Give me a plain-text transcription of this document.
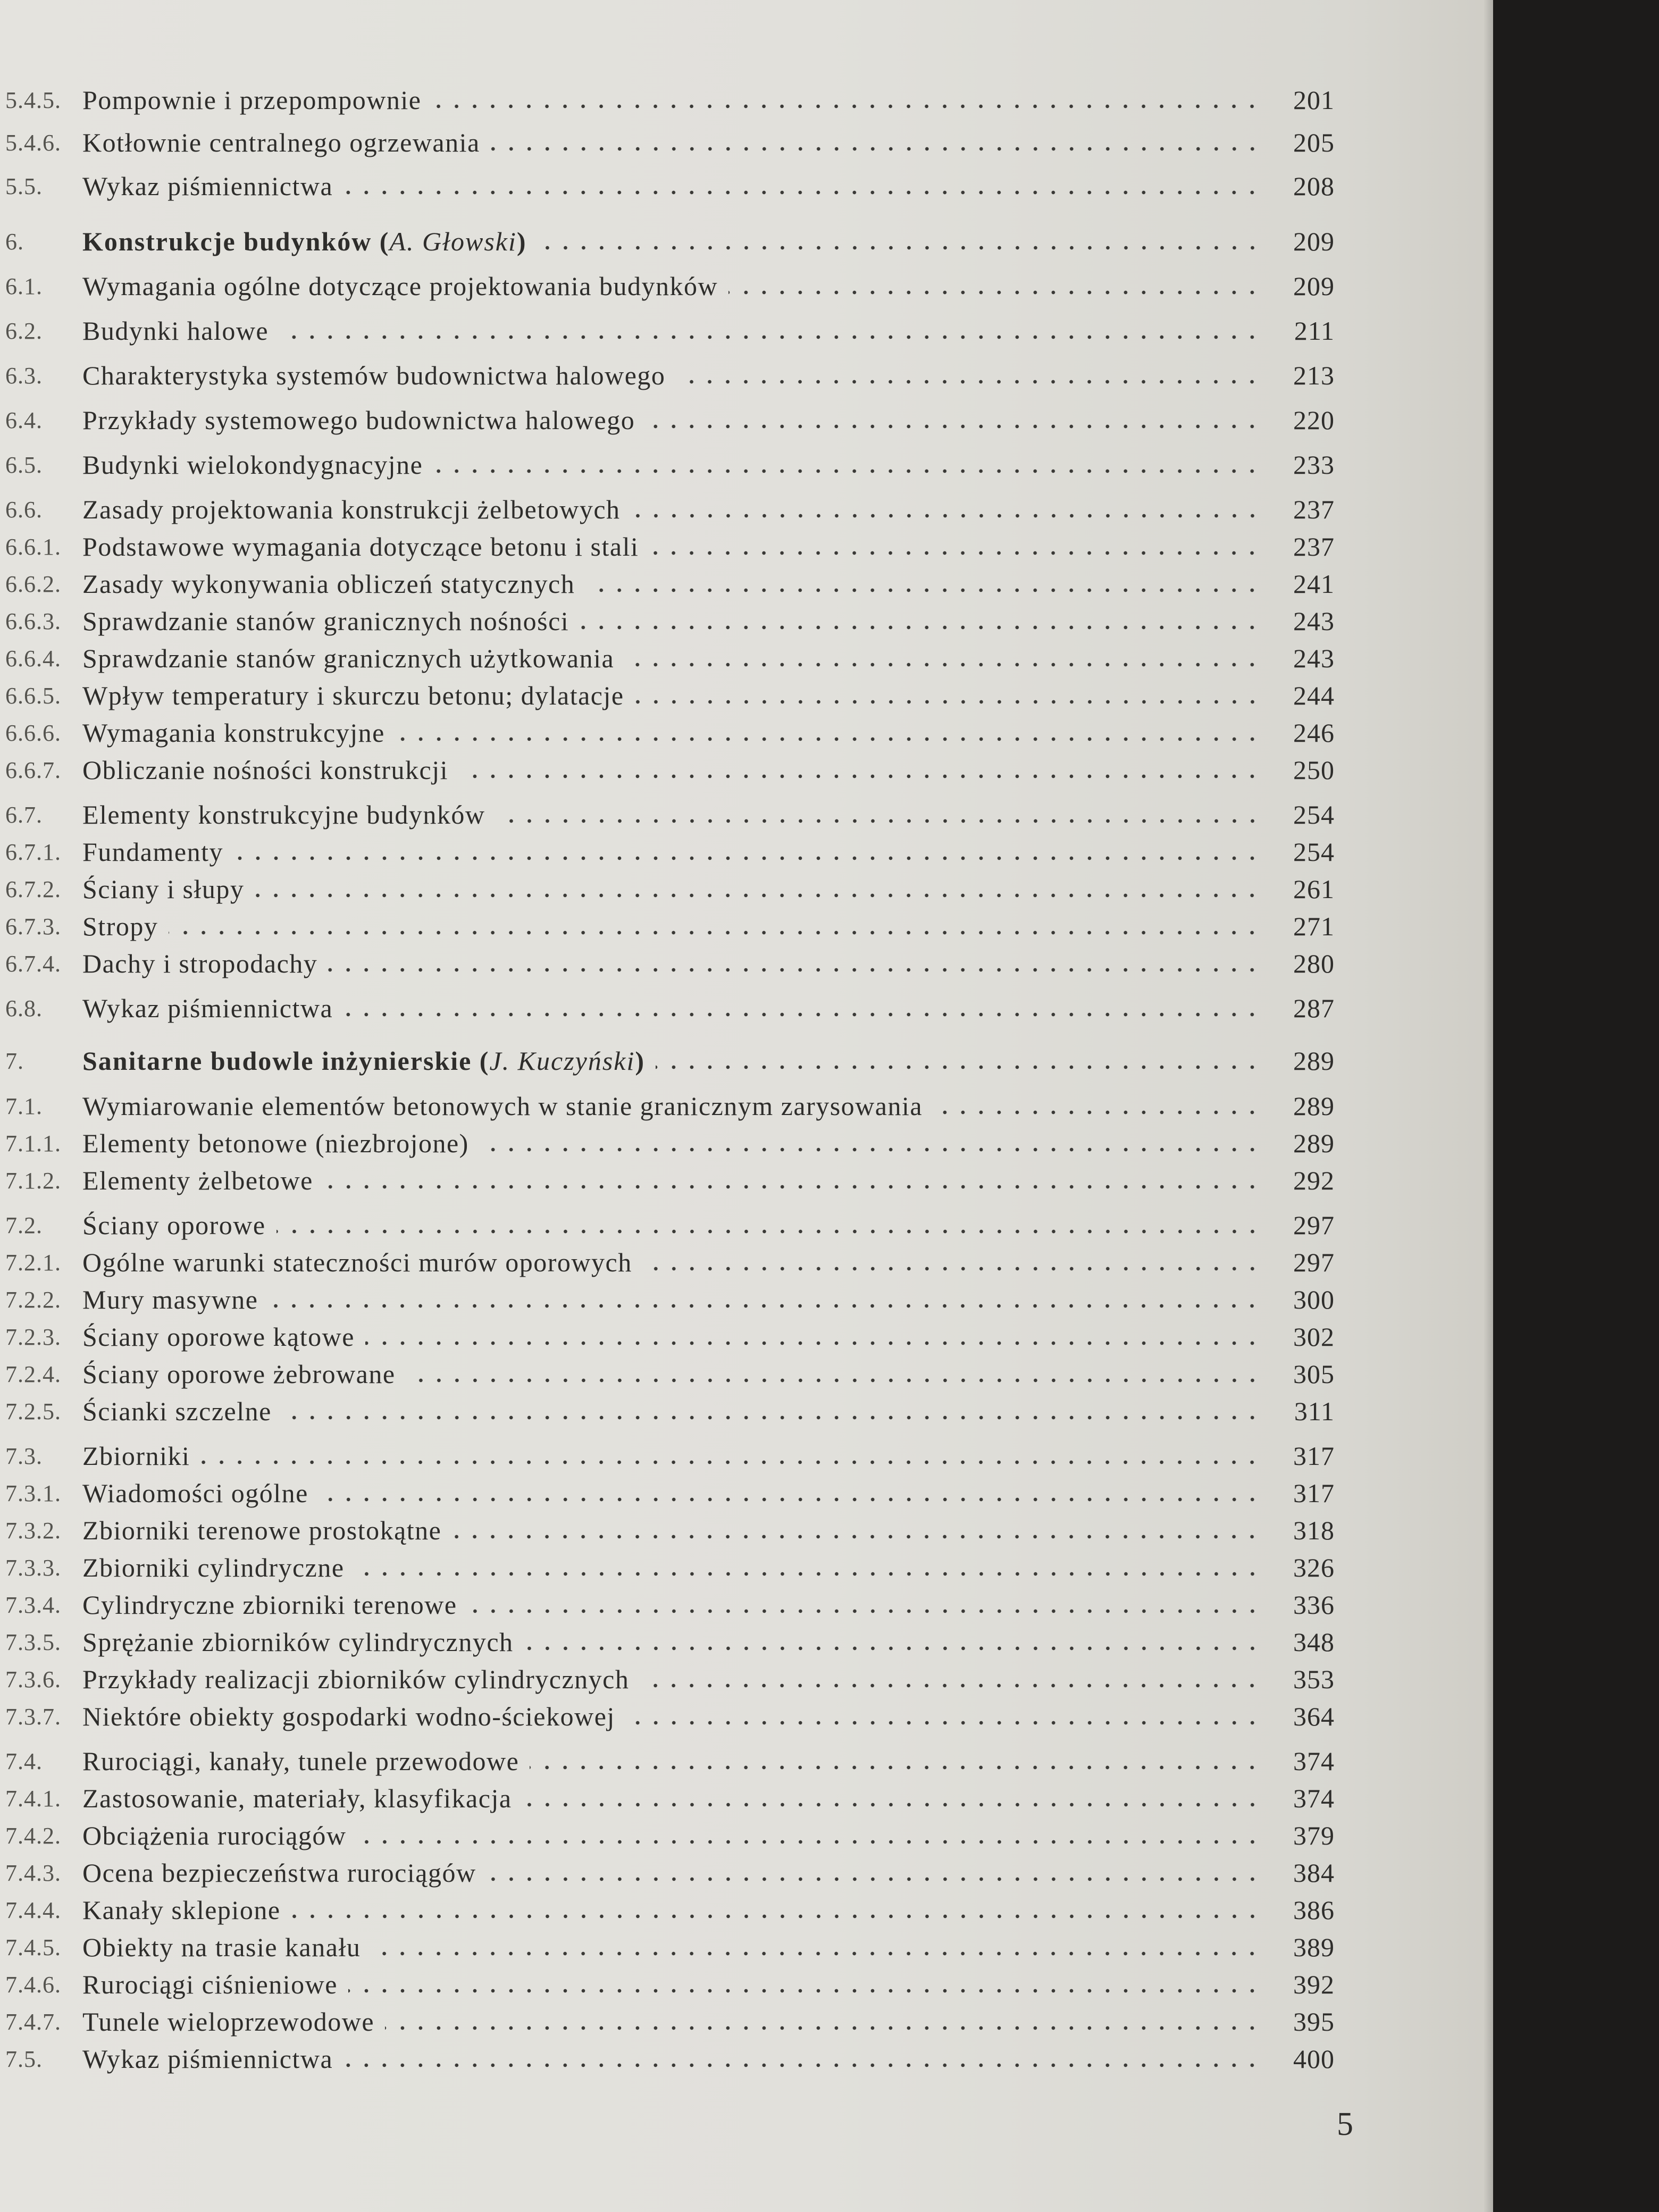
5.4.5. Pompownie i przepompownie	201
5.4.6. Kotłownie centralnego ogrzewania	205
5.5.	Wykaz piśmiennictwa	208
6.	Konstrukcje budynków (A. Głowski)	209
6.1.	Wymagania ogólne dotyczące projektowania budynków	209
6.2.	Budynki halowe	211
6.3.	Charakterystyka systemów budownictwa halowego	213
6.4.	Przykłady systemowego budownictwa halowego	220
6.5.	Budynki wielokondygnacyjne	233
6.6.	Zasady projektowania konstrukcji żelbetowych	237
6.6.1. Podstawowe wymagania dotyczące betonu i stali	237
6.6.2. Zasady wykonywania obliczeń statycznych	241
6.6.3. Sprawdzanie stanów granicznych nośności	243
6.6.4. Sprawdzanie stanów granicznych użytkowania	243
6.6.5. Wpływ temperatury i skurczu betonu; dylatacje	244
6.6.6. Wymagania konstrukcyjne	246
6.6.7. Obliczanie nośności konstrukcji	250
6.7.	Elementy konstrukcyjne budynków	254
6.7.1. Fundamenty	254
6.7.2. Ściany i słupy	261
6.7.3. Stropy	271
6.7.4. Dachy i stropodachy	280
6.8.	Wykaz piśmiennictwa	287
7.	Sanitarne budowle inżynierskie (J. Kuczyński)	289
7.1.	Wymiarowanie elementów betonowych w stanie granicznym zarysowania	289
7.1.1. Elementy betonowe (niezbrojone)	289
7.1.2. Elementy żelbetowe	292
7.2.	Ściany oporowe	297
7.2.1. Ogólne warunki stateczności murów oporowych	297
7.2.2. Mury masywne	300
7.2.3. Ściany oporowe kątowe	302
7.2.4. Ściany oporowe żebrowane	305
7.2.5. Ścianki szczelne	311
7.3.	Zbiorniki	317
7.3.1. Wiadomości ogólne	317
7.3.2. Zbiorniki terenowe prostokątne	318
7.3.3. Zbiorniki cylindryczne	326
7.3.4. Cylindryczne zbiorniki terenowe	336
7.3.5. Sprężanie zbiorników cylindrycznych	348
7.3.6. Przykłady realizacji zbiorników cylindrycznych	353
7.3.7. Niektóre obiekty gospodarki wodno-ściekowej	364
7.4.	Rurociągi, kanały, tunele przewodowe	374
7.4.1. Zastosowanie, materiały, klasyfikacja	374
7.4.2. Obciążenia rurociągów	379
7.4.3. Ocena bezpieczeństwa rurociągów	384
7.4.4. Kanały sklepione	386
7.4.5. Obiekty na trasie kanału	389
7.4.6. Rurociągi ciśnieniowe	392
7.4.7. Tunele wieloprzewodowe	395
7.5.	Wykaz piśmiennictwa	400
5
